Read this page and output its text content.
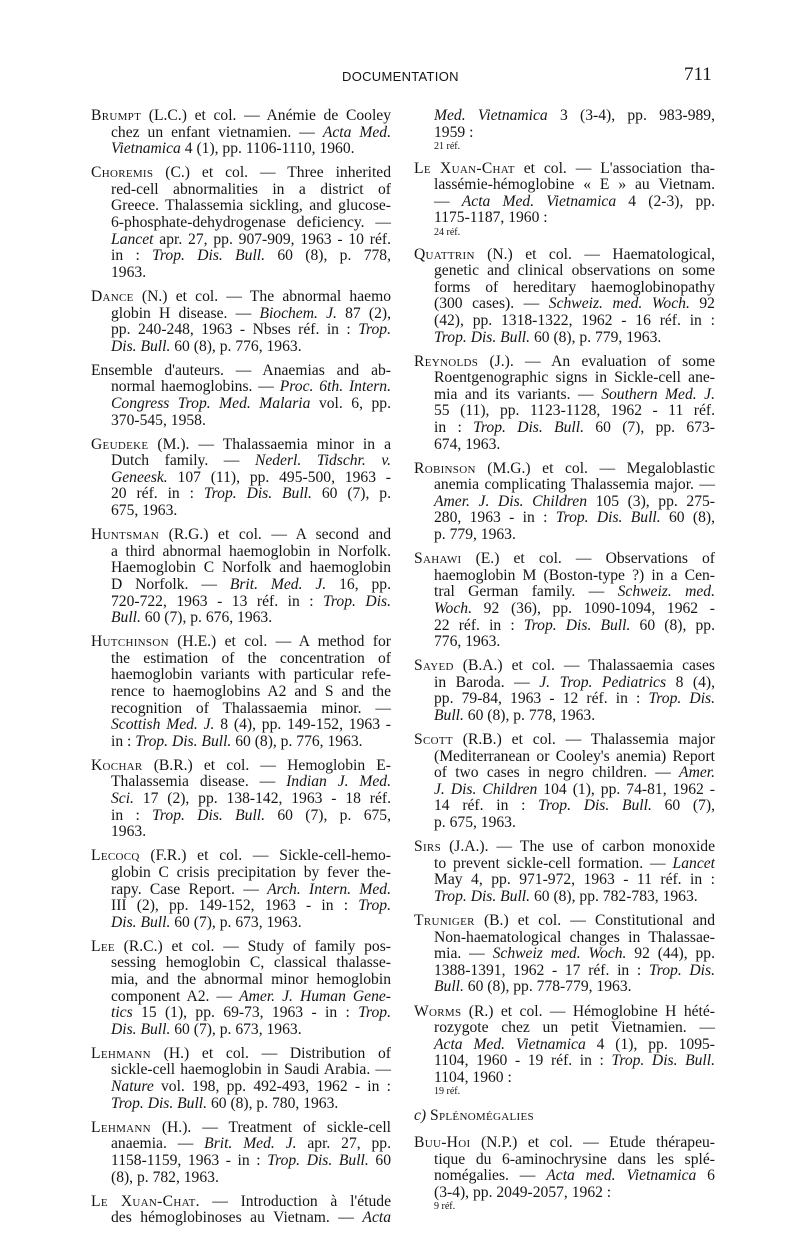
DOCUMENTATION	711
Brumpt (L.C.) et col. — Anémie de Cooley
chez un enfant vietnamien. — Acta Med.
Vietnamica 4 (1), pp. 1106-1110, 1960.
Choremis (C.) et col. — Three inherited
red-cell abnormalities in a district of
Greece. Thalassemia sickling, and glucose-
6-phosphate-dehydrogenase deficiency. —
Lancet apr. 27, pp. 907-909, 1963 - 10 réf.
in : Trop. Dis. Bull. 60 (8), p. 778,
1963.
Dance (N.) et col. — The abnormal haemo
globin H disease. — Biochem. J. 87 (2),
pp. 240-248, 1963 - Nbses réf. in : Trop.
Dis. Bull. 60 (8), p. 776, 1963.
Ensemble d'auteurs. — Anaemias and ab-
normal haemoglobins. — Proc. 6th. Intern.
Congress Trop. Med. Malaria vol. 6, pp.
370-545, 1958.
Geudeke (M.). — Thalassaemia minor in a
Dutch family. — Nederl. Tidschr. v.
Geneesk. 107 (11), pp. 495-500, 1963 -
20 réf. in : Trop. Dis. Bull. 60 (7), p.
675, 1963.
Huntsman (R.G.) et col. — A second and
a third abnormal haemoglobin in Norfolk.
Haemoglobin C Norfolk and haemoglobin
D Norfolk. — Brit. Med. J. 16, pp.
720-722, 1963 - 13 réf. in : Trop. Dis.
Bull. 60 (7), p. 676, 1963.
Hutchinson (H.E.) et col. — A method for
the estimation of the concentration of
haemoglobin variants with particular refe-
rence to haemoglobins A2 and S and the
recognition of Thalassaemia minor. —
Scottish Med. J. 8 (4), pp. 149-152, 1963 -
in : Trop. Dis. Bull. 60 (8), p. 776, 1963.
Kochar (B.R.) et col. — Hemoglobin E-
Thalassemia disease. — Indian J. Med.
Sci. 17 (2), pp. 138-142, 1963 - 18 réf.
in : Trop. Dis. Bull. 60 (7), p. 675,
1963.
Lecocq (F.R.) et col. — Sickle-cell-hemo-
globin C crisis precipitation by fever the-
rapy. Case Report. — Arch. Intern. Med.
III (2), pp. 149-152, 1963 - in : Trop.
Dis. Bull. 60 (7), p. 673, 1963.
Lee (R.C.) et col. — Study of family pos-
sessing hemoglobin C, classical thalasse-
mia, and the abnormal minor hemoglobin
component A2. — Amer. J. Human Gene-
tics 15 (1), pp. 69-73, 1963 - in : Trop.
Dis. Bull. 60 (7), p. 673, 1963.
Lehmann (H.) et col. — Distribution of
sickle-cell haemoglobin in Saudi Arabia. —
Nature vol. 198, pp. 492-493, 1962 - in :
Trop. Dis. Bull. 60 (8), p. 780, 1963.
Lehmann (H.). — Treatment of sickle-cell
anaemia. — Brit. Med. J. apr. 27, pp.
1158-1159, 1963 - in : Trop. Dis. Bull. 60
(8), p. 782, 1963.
Le Xuan-Chat. — Introduction à l'étude
des hémoglobinoses au Vietnam. — Acta
Med. Vietnamica 3 (3-4), pp. 983-989,
1959 :
21 réf.
Le Xuan-Chat et col. — L'association tha-
lassémie-hémoglobine « E » au Vietnam.
— Acta Med. Vietnamica 4 (2-3), pp.
1175-1187, 1960 :
24 réf.
Quattrin (N.) et col. — Haematological,
genetic and clinical observations on some
forms of hereditary haemoglobinopathy
(300 cases). — Schweiz. med. Woch. 92
(42), pp. 1318-1322, 1962 - 16 réf. in :
Trop. Dis. Bull. 60 (8), p. 779, 1963.
Reynolds (J.). — An evaluation of some
Roentgenographic signs in Sickle-cell ane-
mia and its variants. — Southern Med. J.
55 (11), pp. 1123-1128, 1962 - 11 réf.
in : Trop. Dis. Bull. 60 (7), pp. 673-
674, 1963.
Robinson (M.G.) et col. — Megaloblastic
anemia complicating Thalassemia major. —
Amer. J. Dis. Children 105 (3), pp. 275-
280, 1963 - in : Trop. Dis. Bull. 60 (8),
p. 779, 1963.
Sahawi (E.) et col. — Observations of
haemoglobin M (Boston-type ?) in a Cen-
tral German family. — Schweiz. med.
Woch. 92 (36), pp. 1090-1094, 1962 -
22 réf. in : Trop. Dis. Bull. 60 (8), pp.
776, 1963.
Sayed (B.A.) et col. — Thalassaemia cases
in Baroda. — J. Trop. Pediatrics 8 (4),
pp. 79-84, 1963 - 12 réf. in : Trop. Dis.
Bull. 60 (8), p. 778, 1963.
Scott (R.B.) et col. — Thalassemia major
(Mediterranean or Cooley's anemia) Report
of two cases in negro children. — Amer.
J. Dis. Children 104 (1), pp. 74-81, 1962 -
14 réf. in : Trop. Dis. Bull. 60 (7),
p. 675, 1963.
Sirs (J.A.). — The use of carbon monoxide
to prevent sickle-cell formation. — Lancet
May 4, pp. 971-972, 1963 - 11 réf. in :
Trop. Dis. Bull. 60 (8), pp. 782-783, 1963.
Truniger (B.) et col. — Constitutional and
Non-haematological changes in Thalassae-
mia. — Schweiz med. Woch. 92 (44), pp.
1388-1391, 1962 - 17 réf. in : Trop. Dis.
Bull. 60 (8), pp. 778-779, 1963.
Worms (R.) et col. — Hémoglobine H hété-
rozygote chez un petit Vietnamien. —
Acta Med. Vietnamica 4 (1), pp. 1095-
1104, 1960 - 19 réf. in : Trop. Dis. Bull.
1104, 1960 :
19 réf.
c) Splénomégalies
Buu-Hoi (N.P.) et col. — Etude thérapeu-
tique du 6-aminochrysine dans les splé-
nomégalies. — Acta med. Vietnamica 6
(3-4), pp. 2049-2057, 1962 :
9 réf.
